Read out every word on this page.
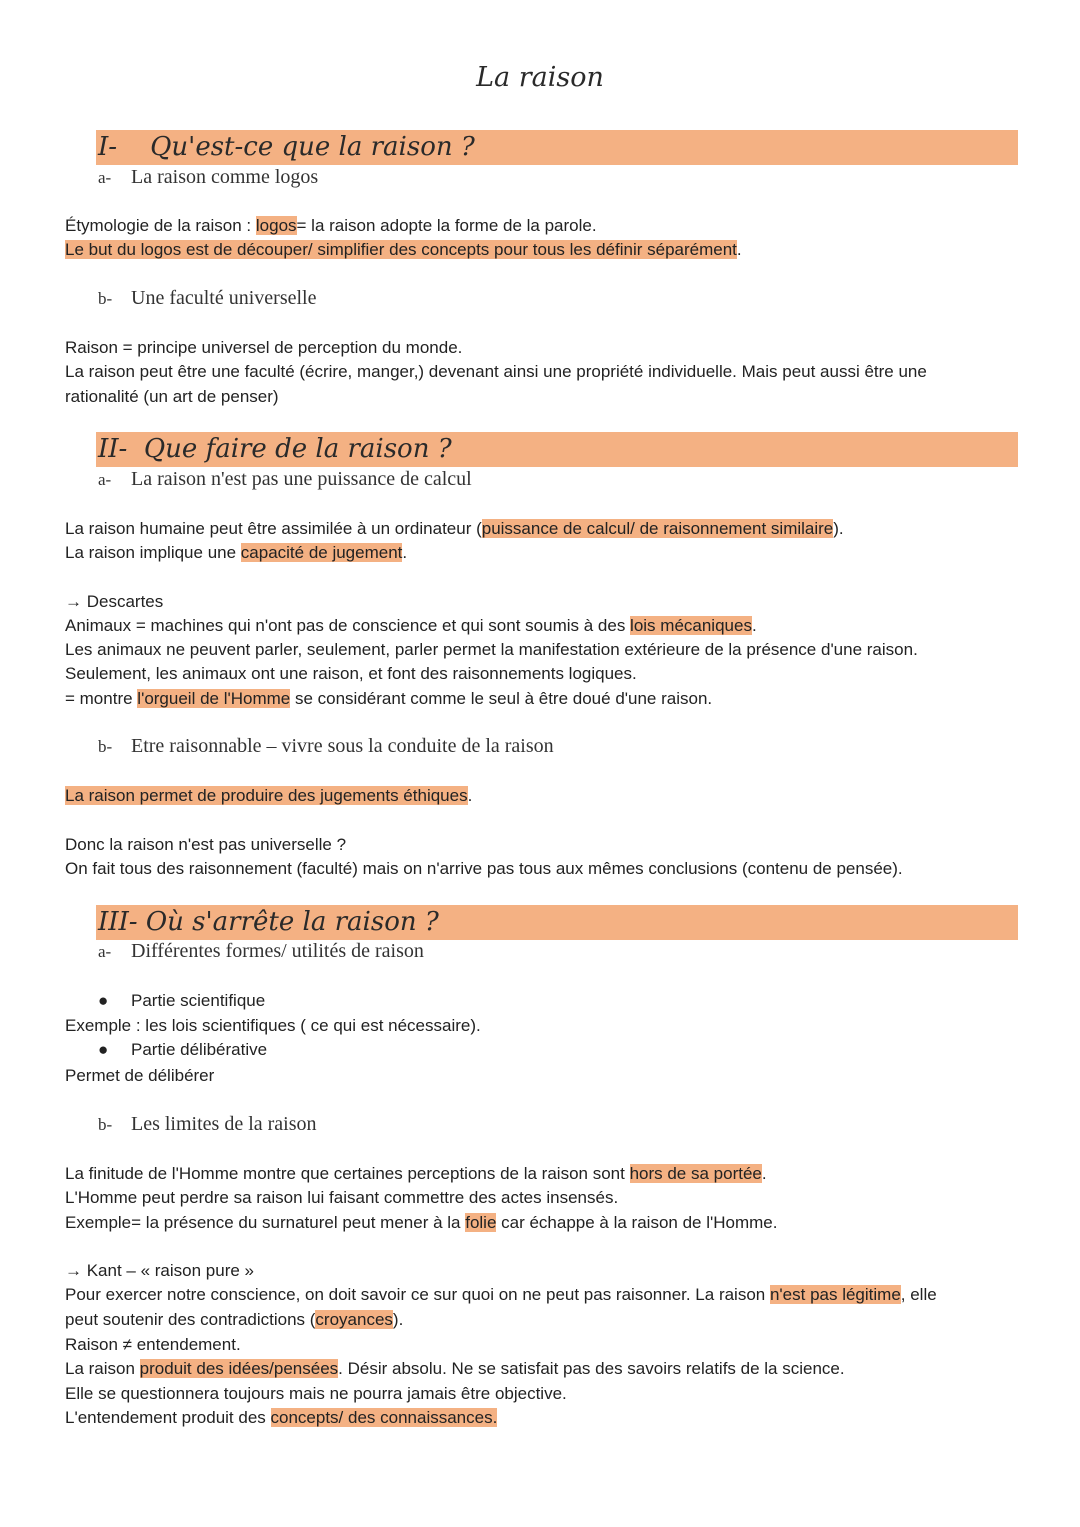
La raison
I-    Qu'est-ce que la raison ?
a- La raison comme logos
Étymologie de la raison : logos= la raison adopte la forme de la parole.
Le but du logos est de découper/ simplifier des concepts pour tous les définir séparément.
b- Une faculté universelle
Raison = principe universel de perception du monde.
La raison peut être une faculté (écrire, manger,) devenant ainsi une propriété individuelle. Mais peut aussi être une
rationalité (un art de penser)
II-  Que faire de la raison ?
a- La raison n'est pas une puissance de calcul
La raison humaine peut être assimilée à un ordinateur (puissance de calcul/ de raisonnement similaire).
La raison implique une capacité de jugement.
→ Descartes
Animaux = machines qui n'ont pas de conscience et qui sont soumis à des lois mécaniques.
Les animaux ne peuvent parler, seulement, parler permet la manifestation extérieure de la présence d'une raison.
Seulement, les animaux ont une raison, et font des raisonnements logiques.
= montre l'orgueil de l'Homme se considérant comme le seul à être doué d'une raison.
b- Etre raisonnable – vivre sous la conduite de la raison
La raison permet de produire des jugements éthiques.
Donc la raison n'est pas universelle ?
On fait tous des raisonnement (faculté) mais on n'arrive pas tous aux mêmes conclusions (contenu de pensée).
III- Où s'arrête la raison ?
a- Différentes formes/ utilités de raison
● Partie scientifique
Exemple : les lois scientifiques ( ce qui est nécessaire).
● Partie délibérative
Permet de délibérer
b- Les limites de la raison
La finitude de l'Homme montre que certaines perceptions de la raison sont hors de sa portée.
L'Homme peut perdre sa raison lui faisant commettre des actes insensés.
Exemple= la présence du surnaturel peut mener à la folie car échappe à la raison de l'Homme.
→ Kant – « raison pure »
Pour exercer notre conscience, on doit savoir ce sur quoi on ne peut pas raisonner. La raison n'est pas légitime, elle
peut soutenir des contradictions (croyances).
Raison ≠ entendement.
La raison produit des idées/pensées. Désir absolu. Ne se satisfait pas des savoirs relatifs de la science.
Elle se questionnera toujours mais ne pourra jamais être objective.
L'entendement produit des concepts/ des connaissances.
